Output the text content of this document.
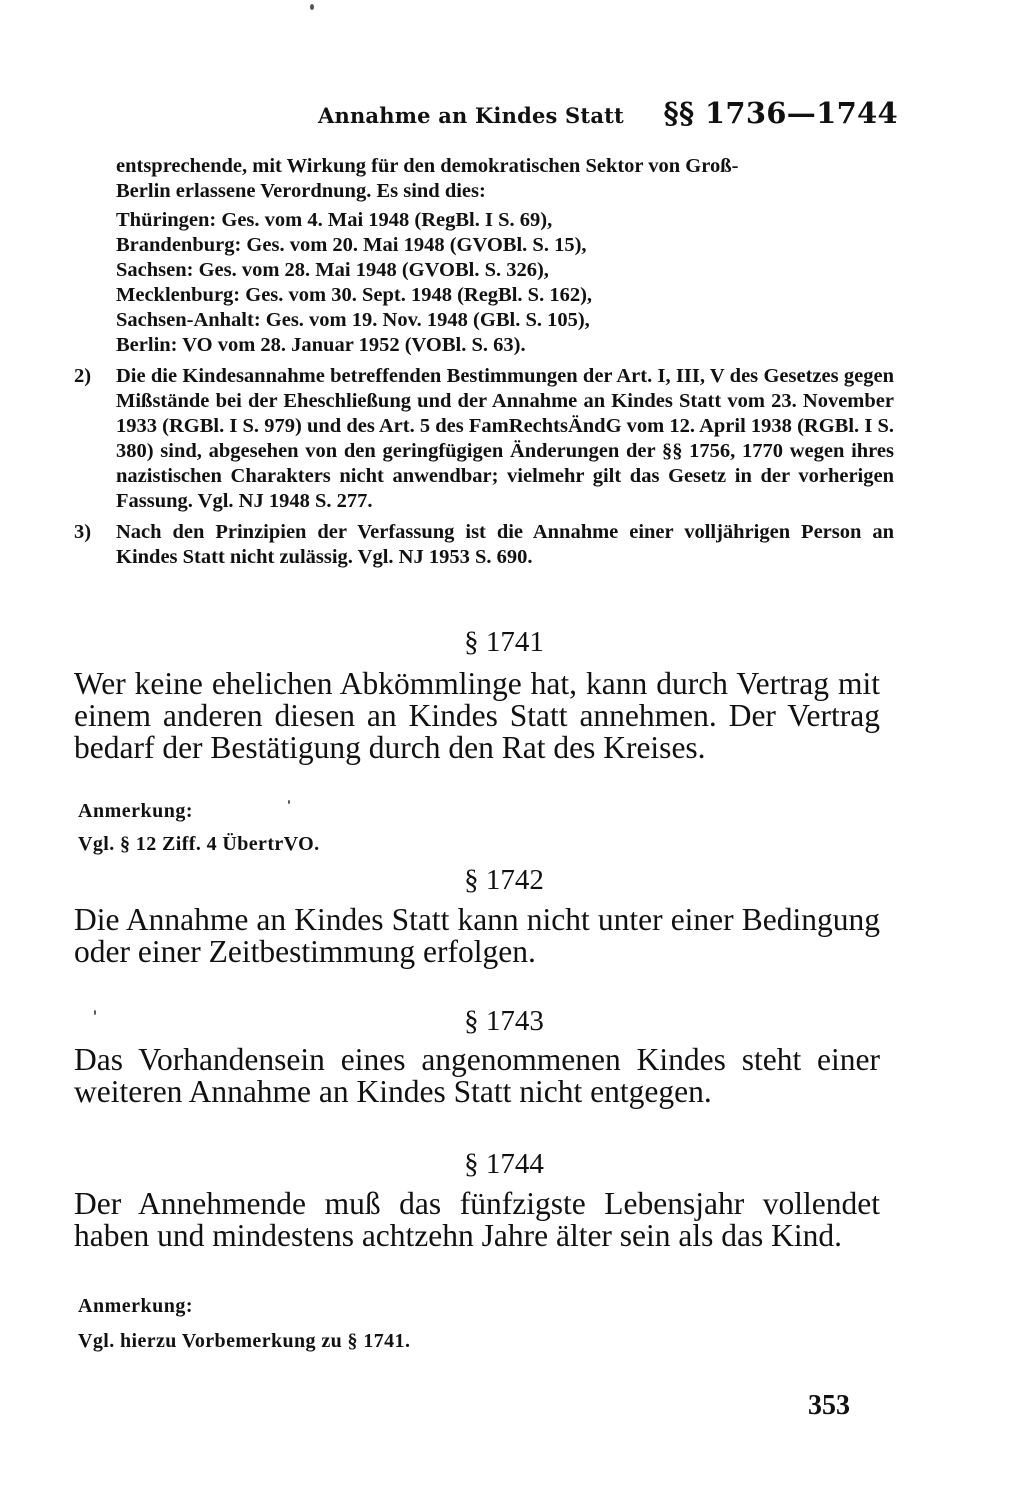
Annahme an Kindes Statt §§ 1736—1744

entsprechende, mit Wirkung für den demokratischen Sektor von Groß-

Berlin erlassene Verordnung. Es sind dies:

Thüringen: Ges. vom 4. Mai 1948 (RegBl. I S. 69),
Brandenburg: Ges. vom 20. Mai 1948 (GVOBl. S. 15),
Sachsen: Ges. vom 28. Mai 1948 (GVOBl. S. 326),
Mecklenburg: Ges. vom 30. Sept. 1948 (RegBl. S. 162),
Sachsen-Anhalt: Ges. vom 19. Nov. 1948 (GBl. S. 105),
Berlin: VO vom 28. Januar 1952 (VOBl. S. 63).
2)	Die die Kindesannahme betreffenden Bestimmungen der Art. I, III, V des Gesetzes gegen Mißstände bei der Eheschließung und der Annahme an Kindes Statt vom 23. November 1933 (RGBl. I S. 979) und des Art. 5 des FamRechtsÄndG vom 12. April 1938 (RGBl. I S. 380) sind, abgesehen von den geringfügigen Änderungen der §§ 1756, 1770 wegen ihres nazistischen Charakters nicht anwendbar; vielmehr gilt das Gesetz in der vorherigen Fassung. Vgl. NJ 1948 S. 277.
3)	Nach den Prinzipien der Verfassung ist die Annahme einer volljährigen Person an Kindes Statt nicht zulässig. Vgl. NJ 1953 S. 690.
§ 1741
Wer keine ehelichen Abkömmlinge hat, kann durch Vertrag mit einem anderen diesen an Kindes Statt annehmen. Der Vertrag bedarf der Bestätigung durch den Rat des Kreises.
Anmerkung:
Vgl. § 12 Ziff. 4 ÜbertrVO.
§ 1742
Die Annahme an Kindes Statt kann nicht unter einer Bedingung oder einer Zeitbestimmung erfolgen.
§ 1743
Das Vorhandensein eines angenommenen Kindes steht einer weiteren Annahme an Kindes Statt nicht entgegen.
§ 1744
Der Annehmende muß das fünfzigste Lebensjahr vollendet haben und mindestens achtzehn Jahre älter sein als das Kind.
Anmerkung:
Vgl. hierzu Vorbemerkung zu § 1741.
353
